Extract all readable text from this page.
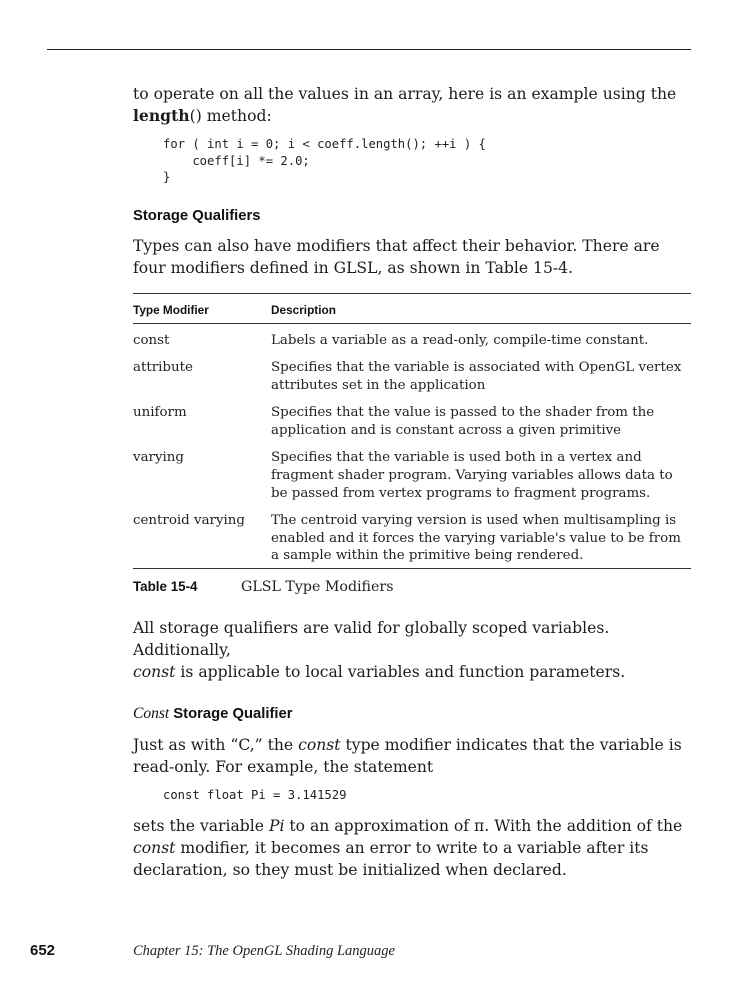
to operate on all the values in an array, here is an example using the
length() method:

for ( int i = 0; i < coeff.length(); ++i ) {
coeff[i] *= 2.0;
}
Storage Qualifiers

Types can also have modifiers that affect their behavior. There are four modifiers defined in GLSL, as shown in Table 15-4.

Type Modifier	Description
const	Labels a variable as a read-only, compile-time constant.
attribute	Specifies that the variable is associated with OpenGL vertex attributes set in the application
uniform	Specifies that the value is passed to the shader from the application and is constant across a given primitive
varying	Specifies that the variable is used both in a vertex and fragment shader program. Varying variables allows data to be passed from vertex programs to fragment programs.
centroid varying	The centroid varying version is used when multisampling is enabled and it forces the varying variable's value to be from a sample within the primitive being rendered.
Table 15-4	GLSL Type Modifiers

All storage qualifiers are valid for globally scoped variables. Additionally,
const is applicable to local variables and function parameters.

Const Storage Qualifier

Just as with “C,” the const type modifier indicates that the variable is read-only. For example, the statement

const float Pi = 3.141529

sets the variable Pi to an approximation of π. With the addition of the const modifier, it becomes an error to write to a variable after its declaration, so they must be initialized when declared.

652	Chapter 15: The OpenGL Shading Language
